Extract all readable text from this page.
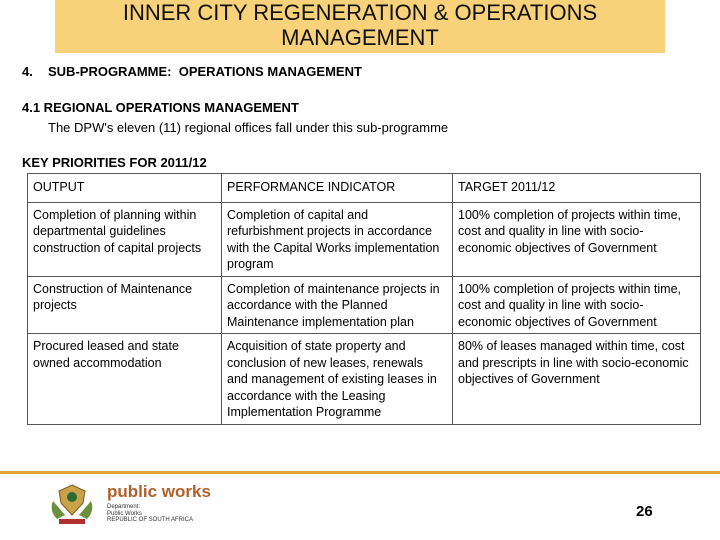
INNER CITY REGENERATION & OPERATIONS
MANAGEMENT
4. SUB-PROGRAMME:  OPERATIONS MANAGEMENT
4.1 REGIONAL OPERATIONS MANAGEMENT
The DPW's eleven (11) regional offices fall under this sub-programme
KEY PRIORITIES FOR 2011/12
OUTPUT	PERFORMANCE INDICATOR	TARGET 2011/12
Completion of planning within departmental guidelines construction of capital projects	Completion of capital and refurbishment projects in accordance with the Capital Works implementation program	100% completion of projects within time, cost and quality in line with socio-economic objectives of Government
Construction of Maintenance projects	Completion of maintenance projects in accordance with the Planned Maintenance implementation plan	100% completion of projects within time, cost and quality in line with socio-economic objectives of Government
Procured leased and state owned accommodation	Acquisition of state property and conclusion of new leases, renewals and management of existing leases in accordance with the Leasing Implementation Programme	80% of leases managed within time, cost and prescripts in line with socio-economic objectives of Government
public works
Department:
Public Works
REPUBLIC OF SOUTH AFRICA	26
